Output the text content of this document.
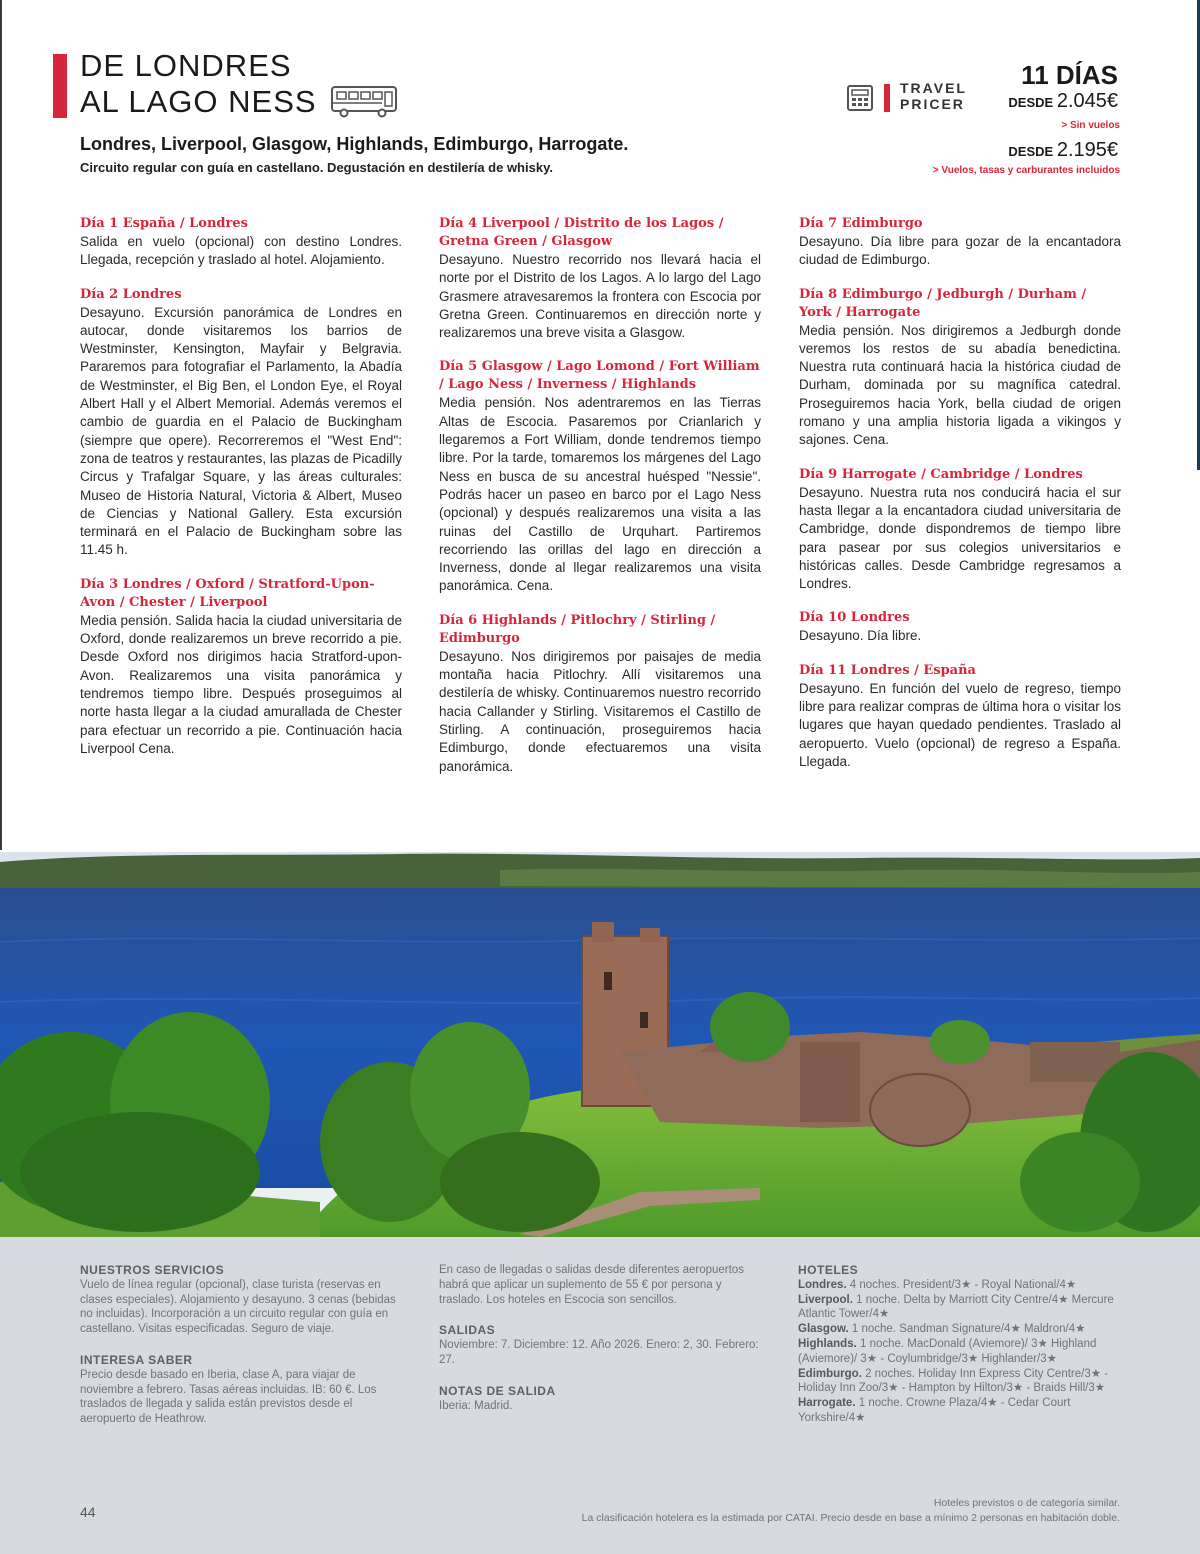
DE LONDRES
AL LAGO NESS
Londres, Liverpool, Glasgow, Highlands, Edimburgo, Harrogate.
Circuito regular con guía en castellano. Degustación en destilería de whisky.
TRAVEL
PRICER
11 DÍAS
DESDE 2.045€
> Sin vuelos
DESDE 2.195€
> Vuelos, tasas y carburantes incluidos
Día 1 España / Londres
Salida en vuelo (opcional) con destino Londres. Llegada, recepción y traslado al hotel. Alojamiento.
Día 2 Londres
Desayuno. Excursión panorámica de Londres en autocar, donde visitaremos los barrios de Westminster, Kensington, Mayfair y Belgravia. Pararemos para fotografiar el Parlamento, la Abadía de Westminster, el Big Ben, el London Eye, el Royal Albert Hall y el Albert Memorial. Además veremos el cambio de guardia en el Palacio de Buckingham (siempre que opere). Recorreremos el "West End": zona de teatros y restaurantes, las plazas de Picadilly Circus y Trafalgar Square, y las áreas culturales: Museo de Historia Natural, Victoria & Albert, Museo de Ciencias y National Gallery. Esta excursión terminará en el Palacio de Buckingham sobre las 11.45 h.
Día 3 Londres / Oxford / Stratford-Upon-Avon / Chester / Liverpool
Media pensión. Salida hacia la ciudad universitaria de Oxford, donde realizaremos un breve recorrido a pie. Desde Oxford nos dirigimos hacia Stratford-upon-Avon. Realizaremos una visita panorámica y tendremos tiempo libre. Después proseguimos al norte hasta llegar a la ciudad amurallada de Chester para efectuar un recorrido a pie. Continuación hacia Liverpool Cena.
Día 4 Liverpool / Distrito de los Lagos / Gretna Green / Glasgow
Desayuno. Nuestro recorrido nos llevará hacia el norte por el Distrito de los Lagos. A lo largo del Lago Grasmere atravesaremos la frontera con Escocia por Gretna Green. Continuaremos en dirección norte y realizaremos una breve visita a Glasgow.
Día 5 Glasgow / Lago Lomond / Fort William / Lago Ness / Inverness / Highlands
Media pensión. Nos adentraremos en las Tierras Altas de Escocia. Pasaremos por Crianlarich y llegaremos a Fort William, donde tendremos tiempo libre. Por la tarde, tomaremos los márgenes del Lago Ness en busca de su ancestral huésped "Nessie". Podrás hacer un paseo en barco por el Lago Ness (opcional) y después realizaremos una visita a las ruinas del Castillo de Urquhart. Partiremos recorriendo las orillas del lago en dirección a Inverness, donde al llegar realizaremos una visita panorámica. Cena.
Día 6 Highlands / Pitlochry / Stirling / Edimburgo
Desayuno. Nos dirigiremos por paisajes de media montaña hacia Pitlochry. Allí visitaremos una destilería de whisky. Continuaremos nuestro recorrido hacia Callander y Stirling. Visitaremos el Castillo de Stirling. A continuación, proseguiremos hacia Edimburgo, donde efectuaremos una visita panorámica.
Día 7 Edimburgo
Desayuno. Día libre para gozar de la encantadora ciudad de Edimburgo.
Día 8 Edimburgo / Jedburgh / Durham / York / Harrogate
Media pensión. Nos dirigiremos a Jedburgh donde veremos los restos de su abadía benedictina. Nuestra ruta continuará hacia la histórica ciudad de Durham, dominada por su magnífica catedral. Proseguiremos hacia York, bella ciudad de origen romano y una amplia historia ligada a vikingos y sajones. Cena.
Día 9 Harrogate / Cambridge / Londres
Desayuno. Nuestra ruta nos conducirá hacia el sur hasta llegar a la encantadora ciudad universitaria de Cambridge, donde dispondremos de tiempo libre para pasear por sus colegios universitarios e históricas calles. Desde Cambridge regresamos a Londres.
Día 10 Londres
Desayuno. Día libre.
Día 11 Londres / España
Desayuno. En función del vuelo de regreso, tiempo libre para realizar compras de última hora o visitar los lugares que hayan quedado pendientes. Traslado al aeropuerto. Vuelo (opcional) de regreso a España. Llegada.
NUESTROS SERVICIOS
Vuelo de línea regular (opcional), clase turista (reservas en clases especiales). Alojamiento y desayuno. 3 cenas (bebidas no incluidas). Incorporación a un circuito regular con guía en castellano. Visitas especificadas. Seguro de viaje.
INTERESA SABER
Precio desde basado en Iberia, clase A, para viajar de noviembre a febrero. Tasas aéreas incluidas. IB: 60 €. Los traslados de llegada y salida están previstos desde el aeropuerto de Heathrow.
En caso de llegadas o salidas desde diferentes aeropuertos habrá que aplicar un suplemento de 55 € por persona y traslado. Los hoteles en Escocia son sencillos.
SALIDAS
Noviembre: 7. Diciembre: 12. Año 2026. Enero: 2, 30. Febrero: 27.
NOTAS DE SALIDA
Iberia: Madrid.
HOTELES
Londres. 4 noches. President/3★ - Royal National/4★
Liverpool. 1 noche. Delta by Marriott City Centre/4★ Mercure Atlantic Tower/4★
Glasgow. 1 noche. Sandman Signature/4★ Maldron/4★
Highlands. 1 noche. MacDonald (Aviemore)/ 3★ Highland (Aviemore)/ 3★ - Coylumbridge/3★ Highlander/3★
Edimburgo. 2 noches. Holiday Inn Express City Centre/3★ - Holiday Inn Zoo/3★ - Hampton by Hilton/3★ - Braids Hill/3★
Harrogate. 1 noche. Crowne Plaza/4★ - Cedar Court Yorkshire/4★
44
Hoteles previstos o de categoría similar.
La clasificación hotelera es la estimada por CATAI. Precio desde en base a mínimo 2 personas en habitación doble.
